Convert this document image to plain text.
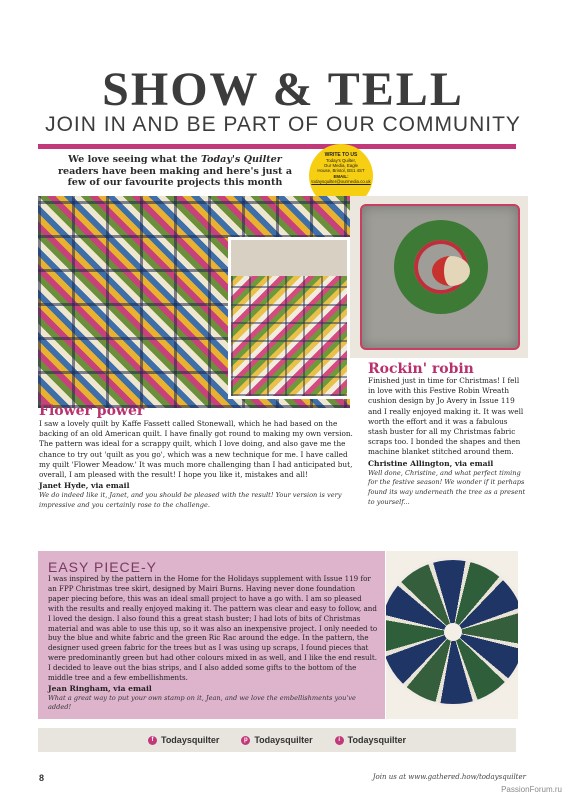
SHOW & TELL
JOIN IN AND BE PART OF OUR COMMUNITY
We love seeing what the Today's Quilter readers have been making and here's just a few of our favourite projects this month
WRITE TO US
Today's Quilter,
Our Media, Eagle
House, Bristol, BS1 4ST
EMAIL: todaysquilter@ourmedia.co.uk
Flower power
I saw a lovely quilt by Kaffe Fassett called Stonewall, which he had based on the backing of an old American quilt. I have finally got round to making my own version. The pattern was ideal for a scrappy quilt, which I love doing, and also gave me the chance to try out 'quilt as you go', which was a new technique for me. I have called my quilt 'Flower Meadow.' It was much more challenging than I had anticipated but, overall, I am pleased with the result! I hope you like it, mistakes and all!
Janet Hyde, via email
We do indeed like it, Janet, and you should be pleased with the result! Your version is very impressive and you certainly rose to the challenge.
Rockin' robin
Finished just in time for Christmas! I fell in love with this Festive Robin Wreath cushion design by Jo Avery in Issue 119 and I really enjoyed making it. It was well worth the effort and it was a fabulous stash buster for all my Christmas fabric scraps too. I bonded the shapes and then machine blanket stitched around them.
Christine Allington, via email
Well done, Christine, and what perfect timing for the festive season! We wonder if it perhaps found its way underneath the tree as a present to yourself...
EASY PIECE-Y
I was inspired by the pattern in the Home for the Holidays supplement with Issue 119 for an FPP Christmas tree skirt, designed by Mairi Burns. Having never done foundation paper piecing before, this was an ideal small project to have a go with. I am so pleased with the results and really enjoyed making it. The pattern was clear and easy to follow, and I loved the design. I also found this a great stash buster; I had lots of bits of Christmas material and was able to use this up, so it was also an inexpensive project. I only needed to buy the blue and white fabric and the green Ric Rac around the edge. In the pattern, the designer used green fabric for the trees but as I was using up scraps, I found pieces that were predominantly green but had other colours mixed in as well, and I like the end result. I decided to leave out the bias strips, and I also added some gifts to the bottom of the middle tree and a few embellishments.
Jean Ringham, via email
What a great way to put your own stamp on it, Jean, and we love the embellishments you've added!
f Todaysquilter	p Todaysquilter	i Todaysquilter
8	Join us at www.gathered.how/todaysquilter
PassionForum.ru
